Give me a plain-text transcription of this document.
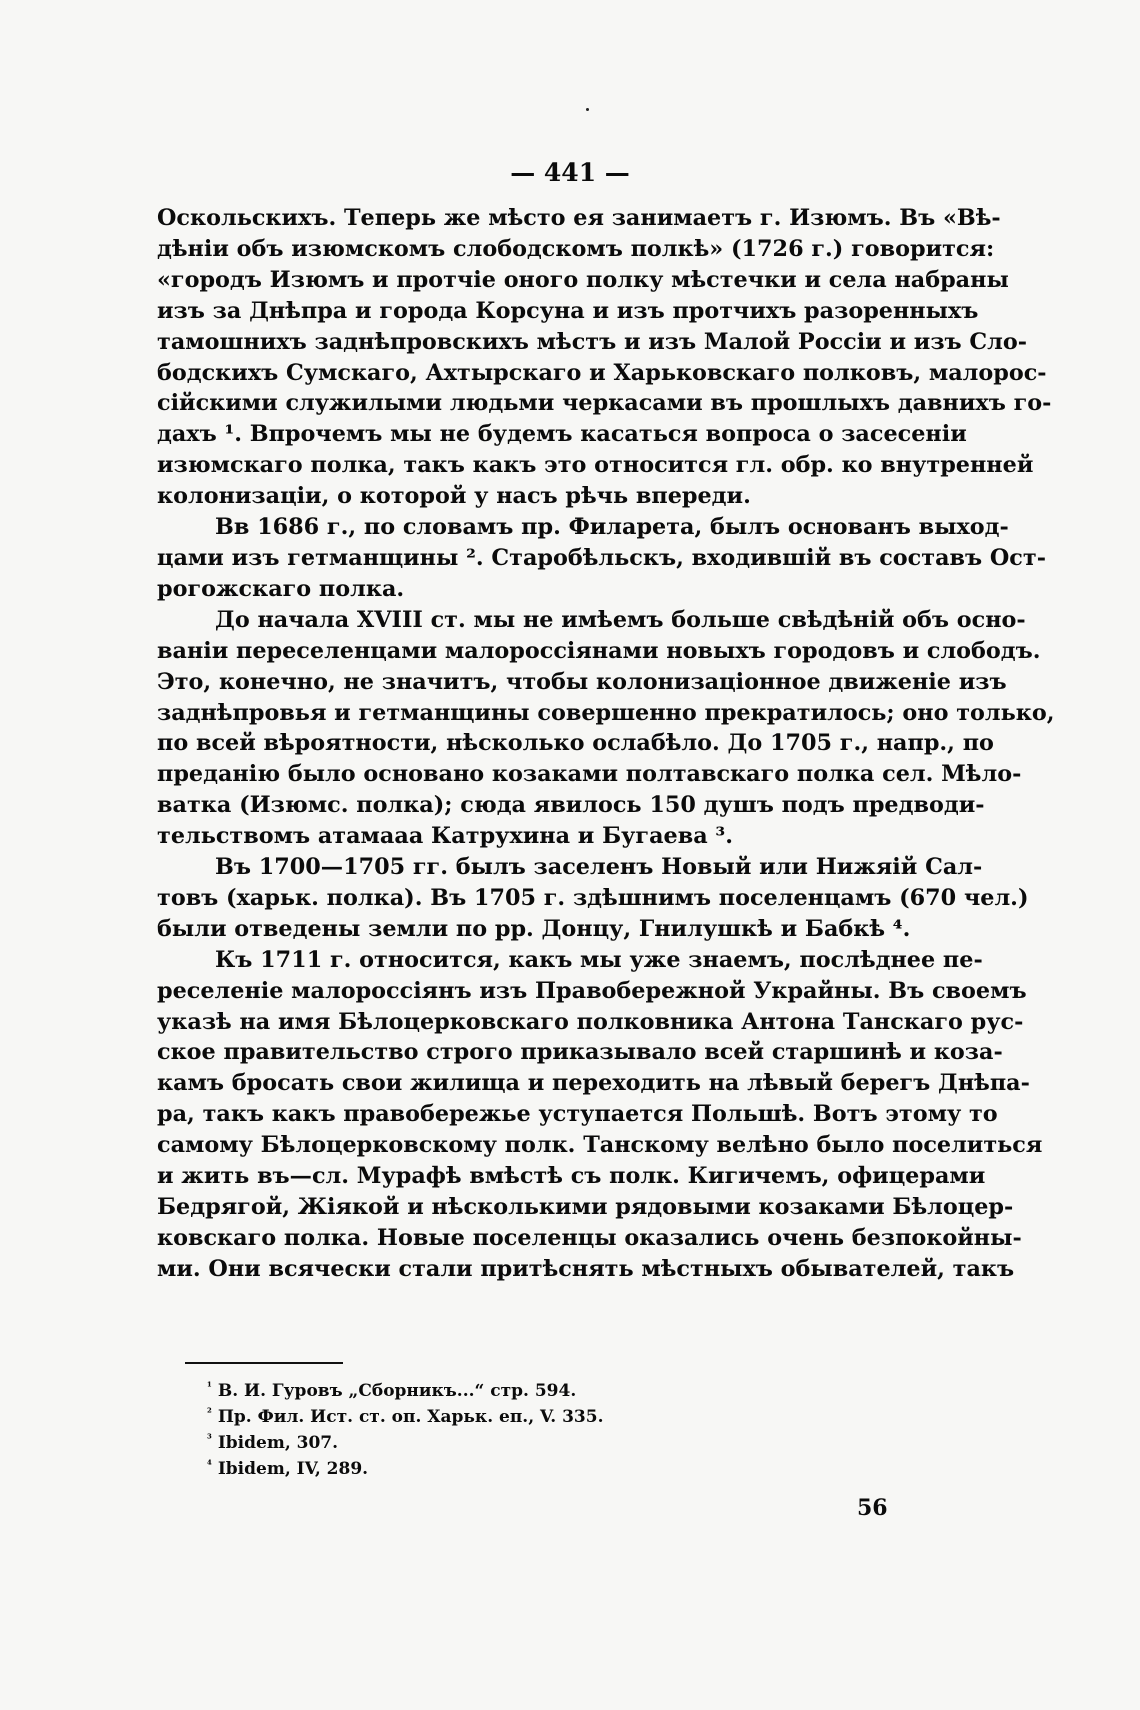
— 441 —
Оскольскихъ. Теперь же мѣсто ея занимаетъ г. Изюмъ. Въ «Вѣ-
дѣніи объ изюмскомъ слободскомъ полкѣ» (1726 г.) говорится:
«городъ Изюмъ и протчіе оного полку мѣстечки и села набраны
изъ за Днѣпра и города Корсуна и изъ протчихъ разоренныхъ
тамошнихъ заднѣпровскихъ мѣстъ и изъ Малой Россіи и изъ Сло-
бодскихъ Сумскаго, Ахтырскаго и Харьковскаго полковъ, малорос-
сійскими служилыми людьми черкасами въ прошлыхъ давнихъ го-
дахъ ¹. Впрочемъ мы не будемъ касаться вопроса о засесеніи
изюмскаго полка, такъ какъ это относится гл. обр. ко внутренней
колонизаціи, о которой у насъ рѣчь впереди.
Вв 1686 г., по словамъ пр. Филарета, былъ основанъ выход-
цами изъ гетманщины ². Старобѣльскъ, входившій въ составъ Ост-
рогожскаго полка.
До начала XVIII ст. мы не имѣемъ больше свѣдѣній объ осно-
ваніи переселенцами малороссіянами новыхъ городовъ и слободъ.
Это, конечно, не значитъ, чтобы колонизаціонное движеніе изъ
заднѣпровья и гетманщины совершенно прекратилось; оно только,
по всей вѣроятности, нѣсколько ослабѣло. До 1705 г., напр., по
преданію было основано козаками полтавскаго полка сел. Мѣло-
ватка (Изюмс. полка); сюда явилось 150 душъ подъ предводи-
тельствомъ атамааа Катрухина и Бугаева ³.
Въ 1700—1705 гг. былъ заселенъ Новый или Нижяій Сал-
товъ (харьк. полка). Въ 1705 г. здѣшнимъ поселенцамъ (670 чел.)
были отведены земли по рр. Донцу, Гнилушкѣ и Бабкѣ ⁴.
Къ 1711 г. относится, какъ мы уже знаемъ, послѣднее пе-
реселеніе малороссіянъ изъ Правобережной Украйны. Въ своемъ
указѣ на имя Бѣлоцерковскаго полковника Антона Танскаго рус-
ское правительство строго приказывало всей старшинѣ и коза-
камъ бросать свои жилища и переходить на лѣвый берегъ Днѣпа-
ра, такъ какъ правобережье уступается Польшѣ. Вотъ этому то
самому Бѣлоцерковскому полк. Танскому велѣно было поселиться
и жить въ—сл. Мурафѣ вмѣстѣ съ полк. Кигичемъ, офицерами
Бедрягой, Жіякой и нѣсколькими рядовыми козаками Бѣлоцер-
ковскаго полка. Новые поселенцы оказались очень безпокойны-
ми. Они всячески стали притѣснять мѣстныхъ обывателей, такъ
$^{^1}$ В. И. Гуровъ „Сборникъ...“ стр. 594.
$^{^2}$ Пр. Фил. Ист. ст. оп. Харьк. еп., V. 335.
$^{^3}$ Ibidem, 307.
$^{^4}$ Ibidem, IV, 289.
56
